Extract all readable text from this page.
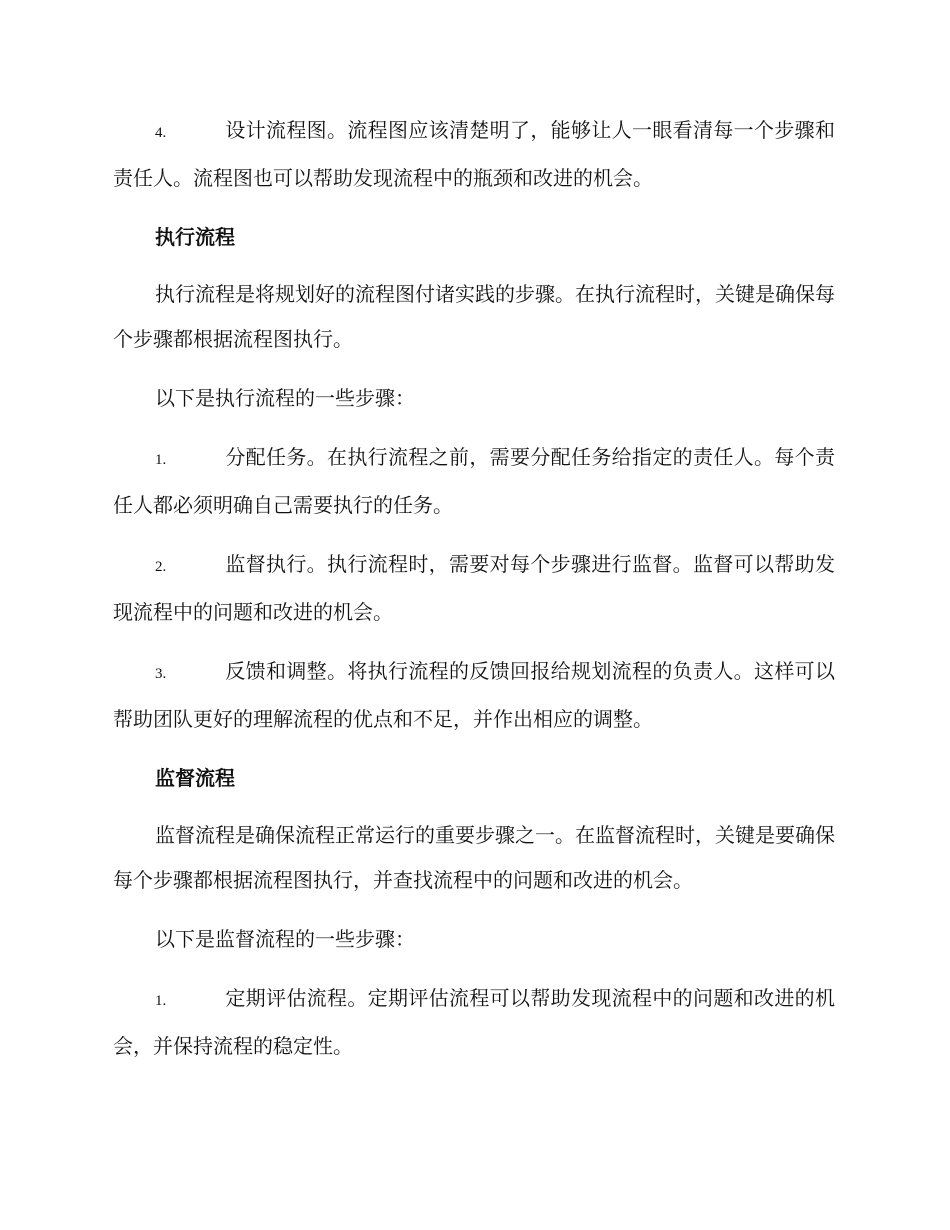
4.	设计流程图。流程图应该清楚明了，能够让人一眼看清每一个步骤和责任人。流程图也可以帮助发现流程中的瓶颈和改进的机会。

执行流程

执行流程是将规划好的流程图付诸实践的步骤。在执行流程时，关键是确保每个步骤都根据流程图执行。

以下是执行流程的一些步骤：

1.	分配任务。在执行流程之前，需要分配任务给指定的责任人。每个责任人都必须明确自己需要执行的任务。

2.	监督执行。执行流程时，需要对每个步骤进行监督。监督可以帮助发现流程中的问题和改进的机会。

3.	反馈和调整。将执行流程的反馈回报给规划流程的负责人。这样可以帮助团队更好的理解流程的优点和不足，并作出相应的调整。

监督流程

监督流程是确保流程正常运行的重要步骤之一。在监督流程时，关键是要确保每个步骤都根据流程图执行，并查找流程中的问题和改进的机会。

以下是监督流程的一些步骤：

1.	定期评估流程。定期评估流程可以帮助发现流程中的问题和改进的机会，并保持流程的稳定性。
